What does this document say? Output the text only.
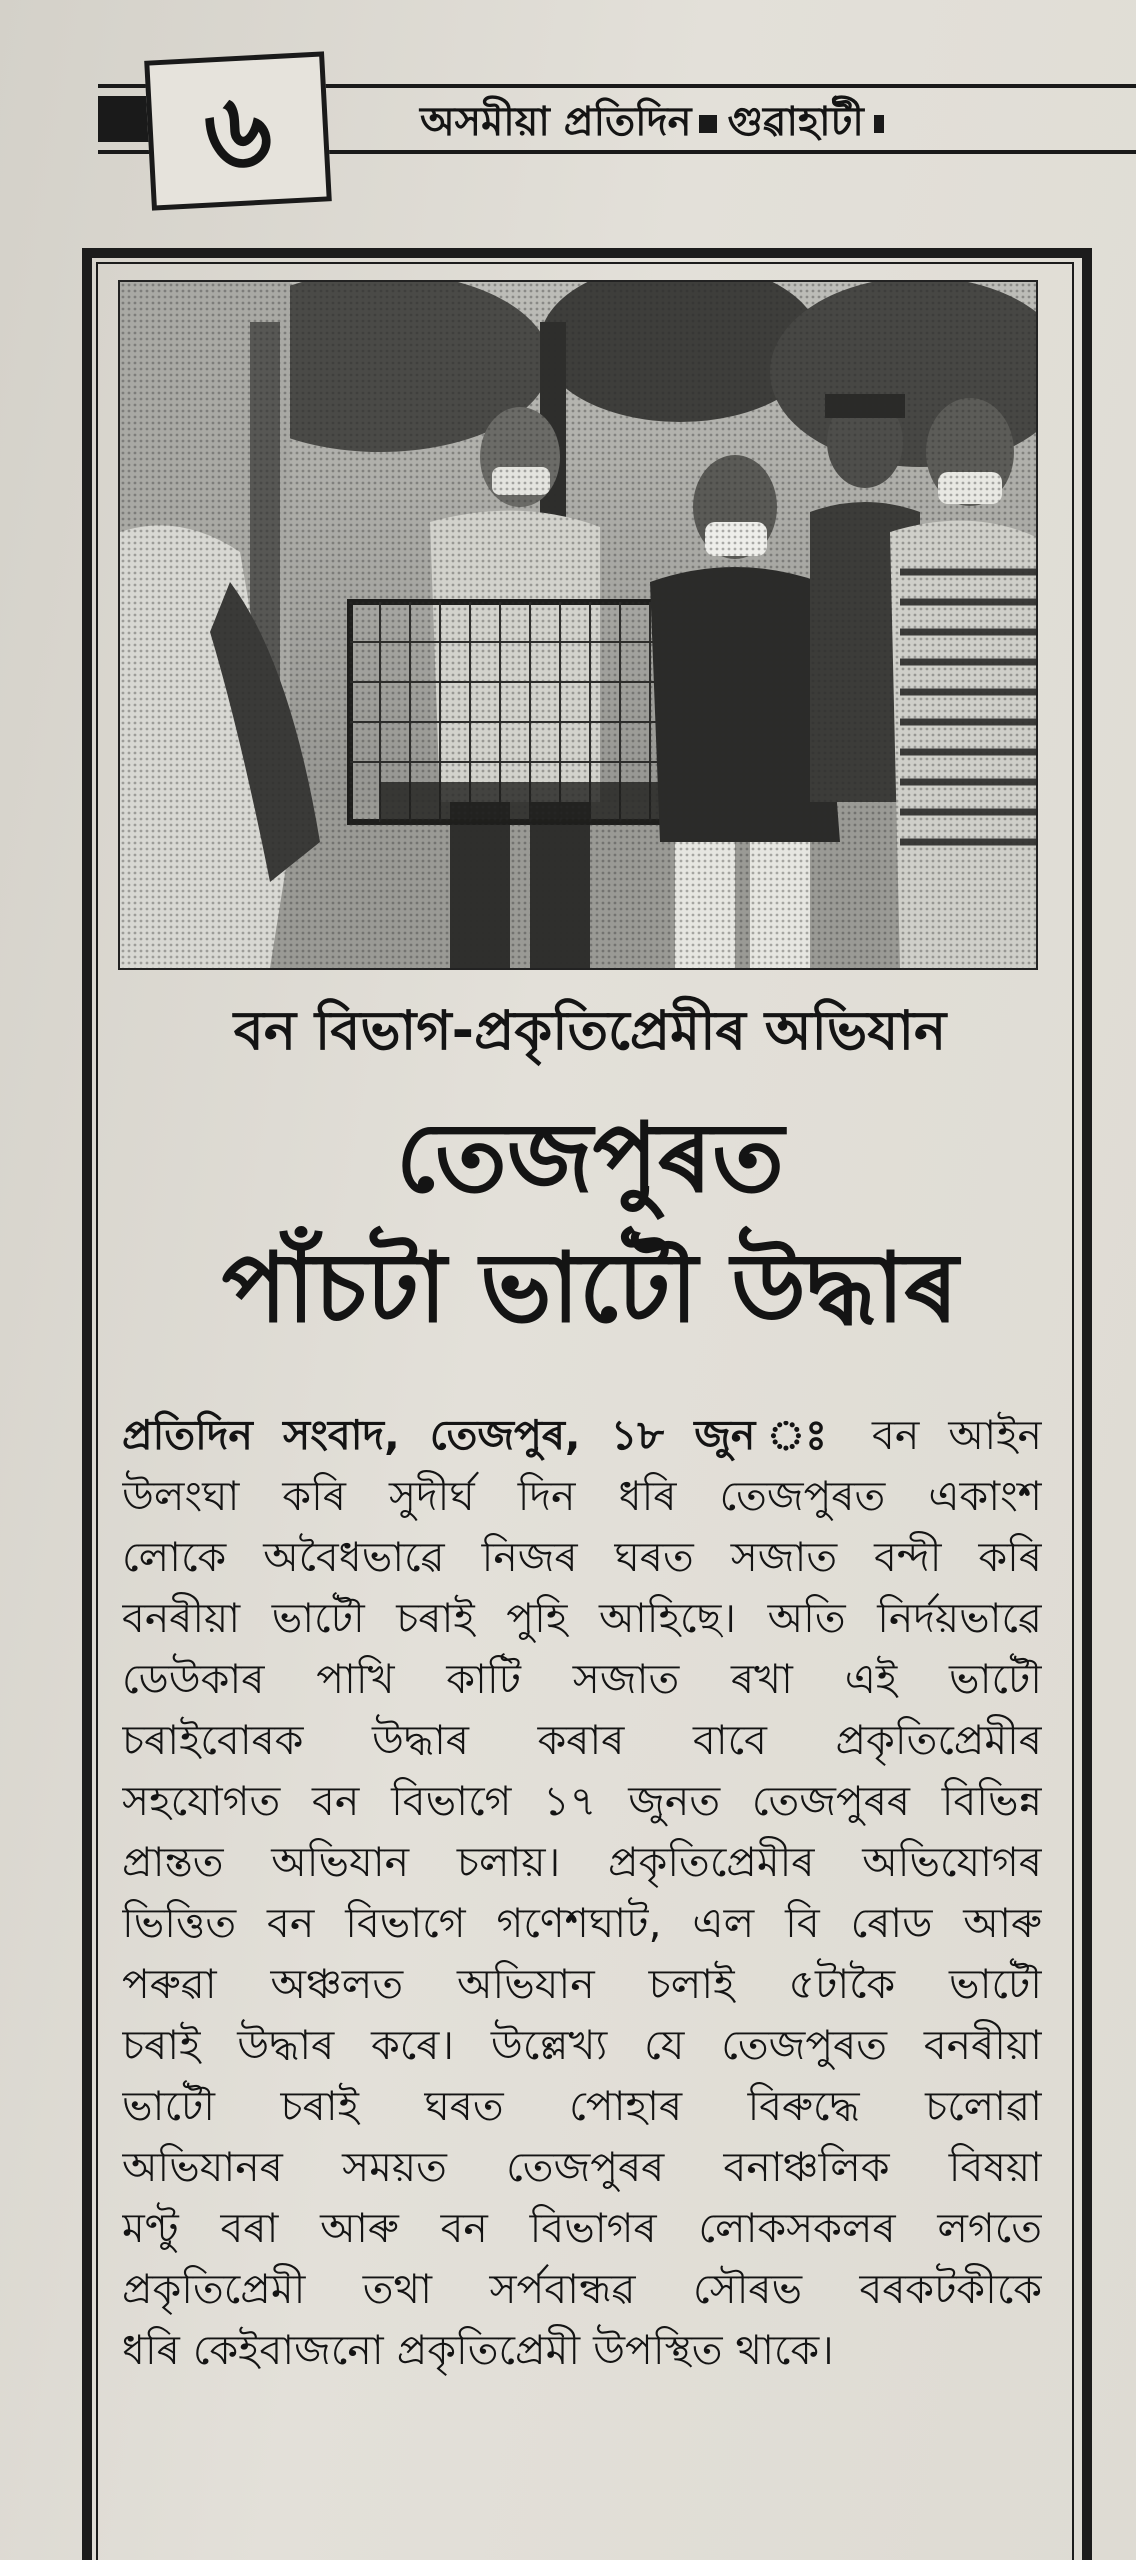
৬	অসমীয়া প্ৰতিদিন গুৱাহাটী
বন বিভাগ-প্ৰকৃতিপ্ৰেমীৰ অভিযান
তেজপুৰত
পাঁচটা ভাটৌ উদ্ধাৰ
প্ৰতিদিন সংবাদ, তেজপুৰ, ১৮ জুন ঃ বন আইন
উলংঘা কৰি সুদীৰ্ঘ দিন ধৰি তেজপুৰত একাংশ
লোকে অবৈধভাৱে নিজৰ ঘৰত সজাত বন্দী কৰি
বনৰীয়া ভাটৌ চৰাই পুহি আহিছে। অতি নিৰ্দয়ভাৱে
ডেউকাৰ পাখি কাটি সজাত ৰখা এই ভাটৌ
চৰাইবোৰক উদ্ধাৰ কৰাৰ বাবে প্ৰকৃতিপ্ৰেমীৰ
সহযোগত বন বিভাগে ১৭ জুনত তেজপুৰৰ বিভিন্ন
প্ৰান্তত অভিযান চলায়। প্ৰকৃতিপ্ৰেমীৰ অভিযোগৰ
ভিত্তিত বন বিভাগে গণেশঘাট, এল বি ৰোড আৰু
পৰুৱা অঞ্চলত অভিযান চলাই ৫টাকৈ ভাটৌ
চৰাই উদ্ধাৰ কৰে। উল্লেখ্য যে তেজপুৰত বনৰীয়া
ভাটৌ চৰাই ঘৰত পোহাৰ বিৰুদ্ধে চলোৱা
অভিযানৰ সময়ত তেজপুৰৰ বনাঞ্চলিক বিষয়া
মণ্টু বৰা আৰু বন বিভাগৰ লোকসকলৰ লগতে
প্ৰকৃতিপ্ৰেমী তথা সৰ্পবান্ধৱ সৌৰভ বৰকটকীকে
ধৰি কেইবাজনো প্ৰকৃতিপ্ৰেমী উপস্থিত থাকে।
